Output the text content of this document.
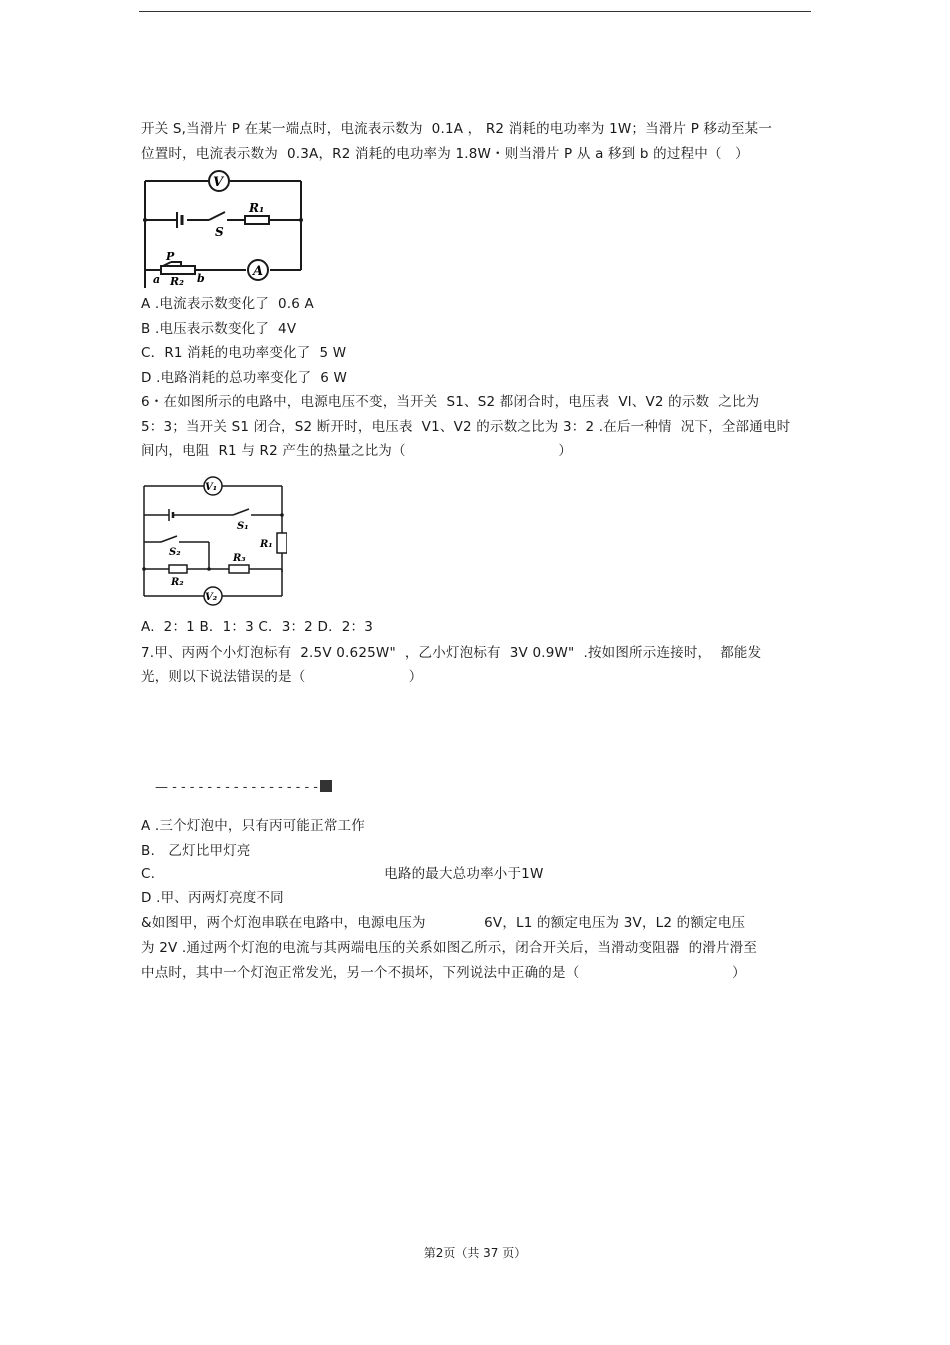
开关 S,当滑片 P 在某一端点时，电流表示数为  0.1A ， R2 消耗的电功率为 1W；当滑片 P 移动至某一
位置时，电流表示数为  0.3A，R2 消耗的电功率为 1.8W・则当滑片 P 从 a 移到 b 的过程中（   ）
V
A
S
R₁
R₂
P
a	b
A .电流表示数变化了  0.6 A
B .电压表示数变化了  4V
C．R1 消耗的电功率变化了  5 W
D .电路消耗的总功率变化了  6 W
6・在如图所示的电路中，电源电压不变，当开关  S1、S2 都闭合时，电压表  Vl、V2 的示数  之比为
5：3；当开关 S1 闭合，S2 断开时，电压表  V1、V2 的示数之比为 3：2 .在后一种情  况下，全部通电时
间内，电阻  R1 与 R2 产生的热量之比为（                                  ）
V₁
V₂
S₁
S₂
R₁
R₂
R₃
A.  2：1 B．1：3 C．3：2 D．2：3
7.甲、丙两个小灯泡标有  2.5V 0.625W"  ，乙小灯泡标有  3V 0.9W"  .按如图所示连接时，  都能发
光，则以下说法错误的是（                       ）
— - - - - - - - - - - - - - - - - -
A .三个灯泡中，只有丙可能正常工作
B.   乙灯比甲灯亮
C.                                                   电路的最大总功率小于1W
D .甲、丙两灯亮度不同
&如图甲，两个灯泡串联在电路中，电源电压为             6V，L1 的额定电压为 3V，L2 的额定电压
为 2V .通过两个灯泡的电流与其两端电压的关系如图乙所示，闭合开关后，当滑动变阻器  的滑片滑至
中点时，其中一个灯泡正常发光，另一个不损坏，下列说法中正确的是（                                  ）
第2页（共 37 页）
